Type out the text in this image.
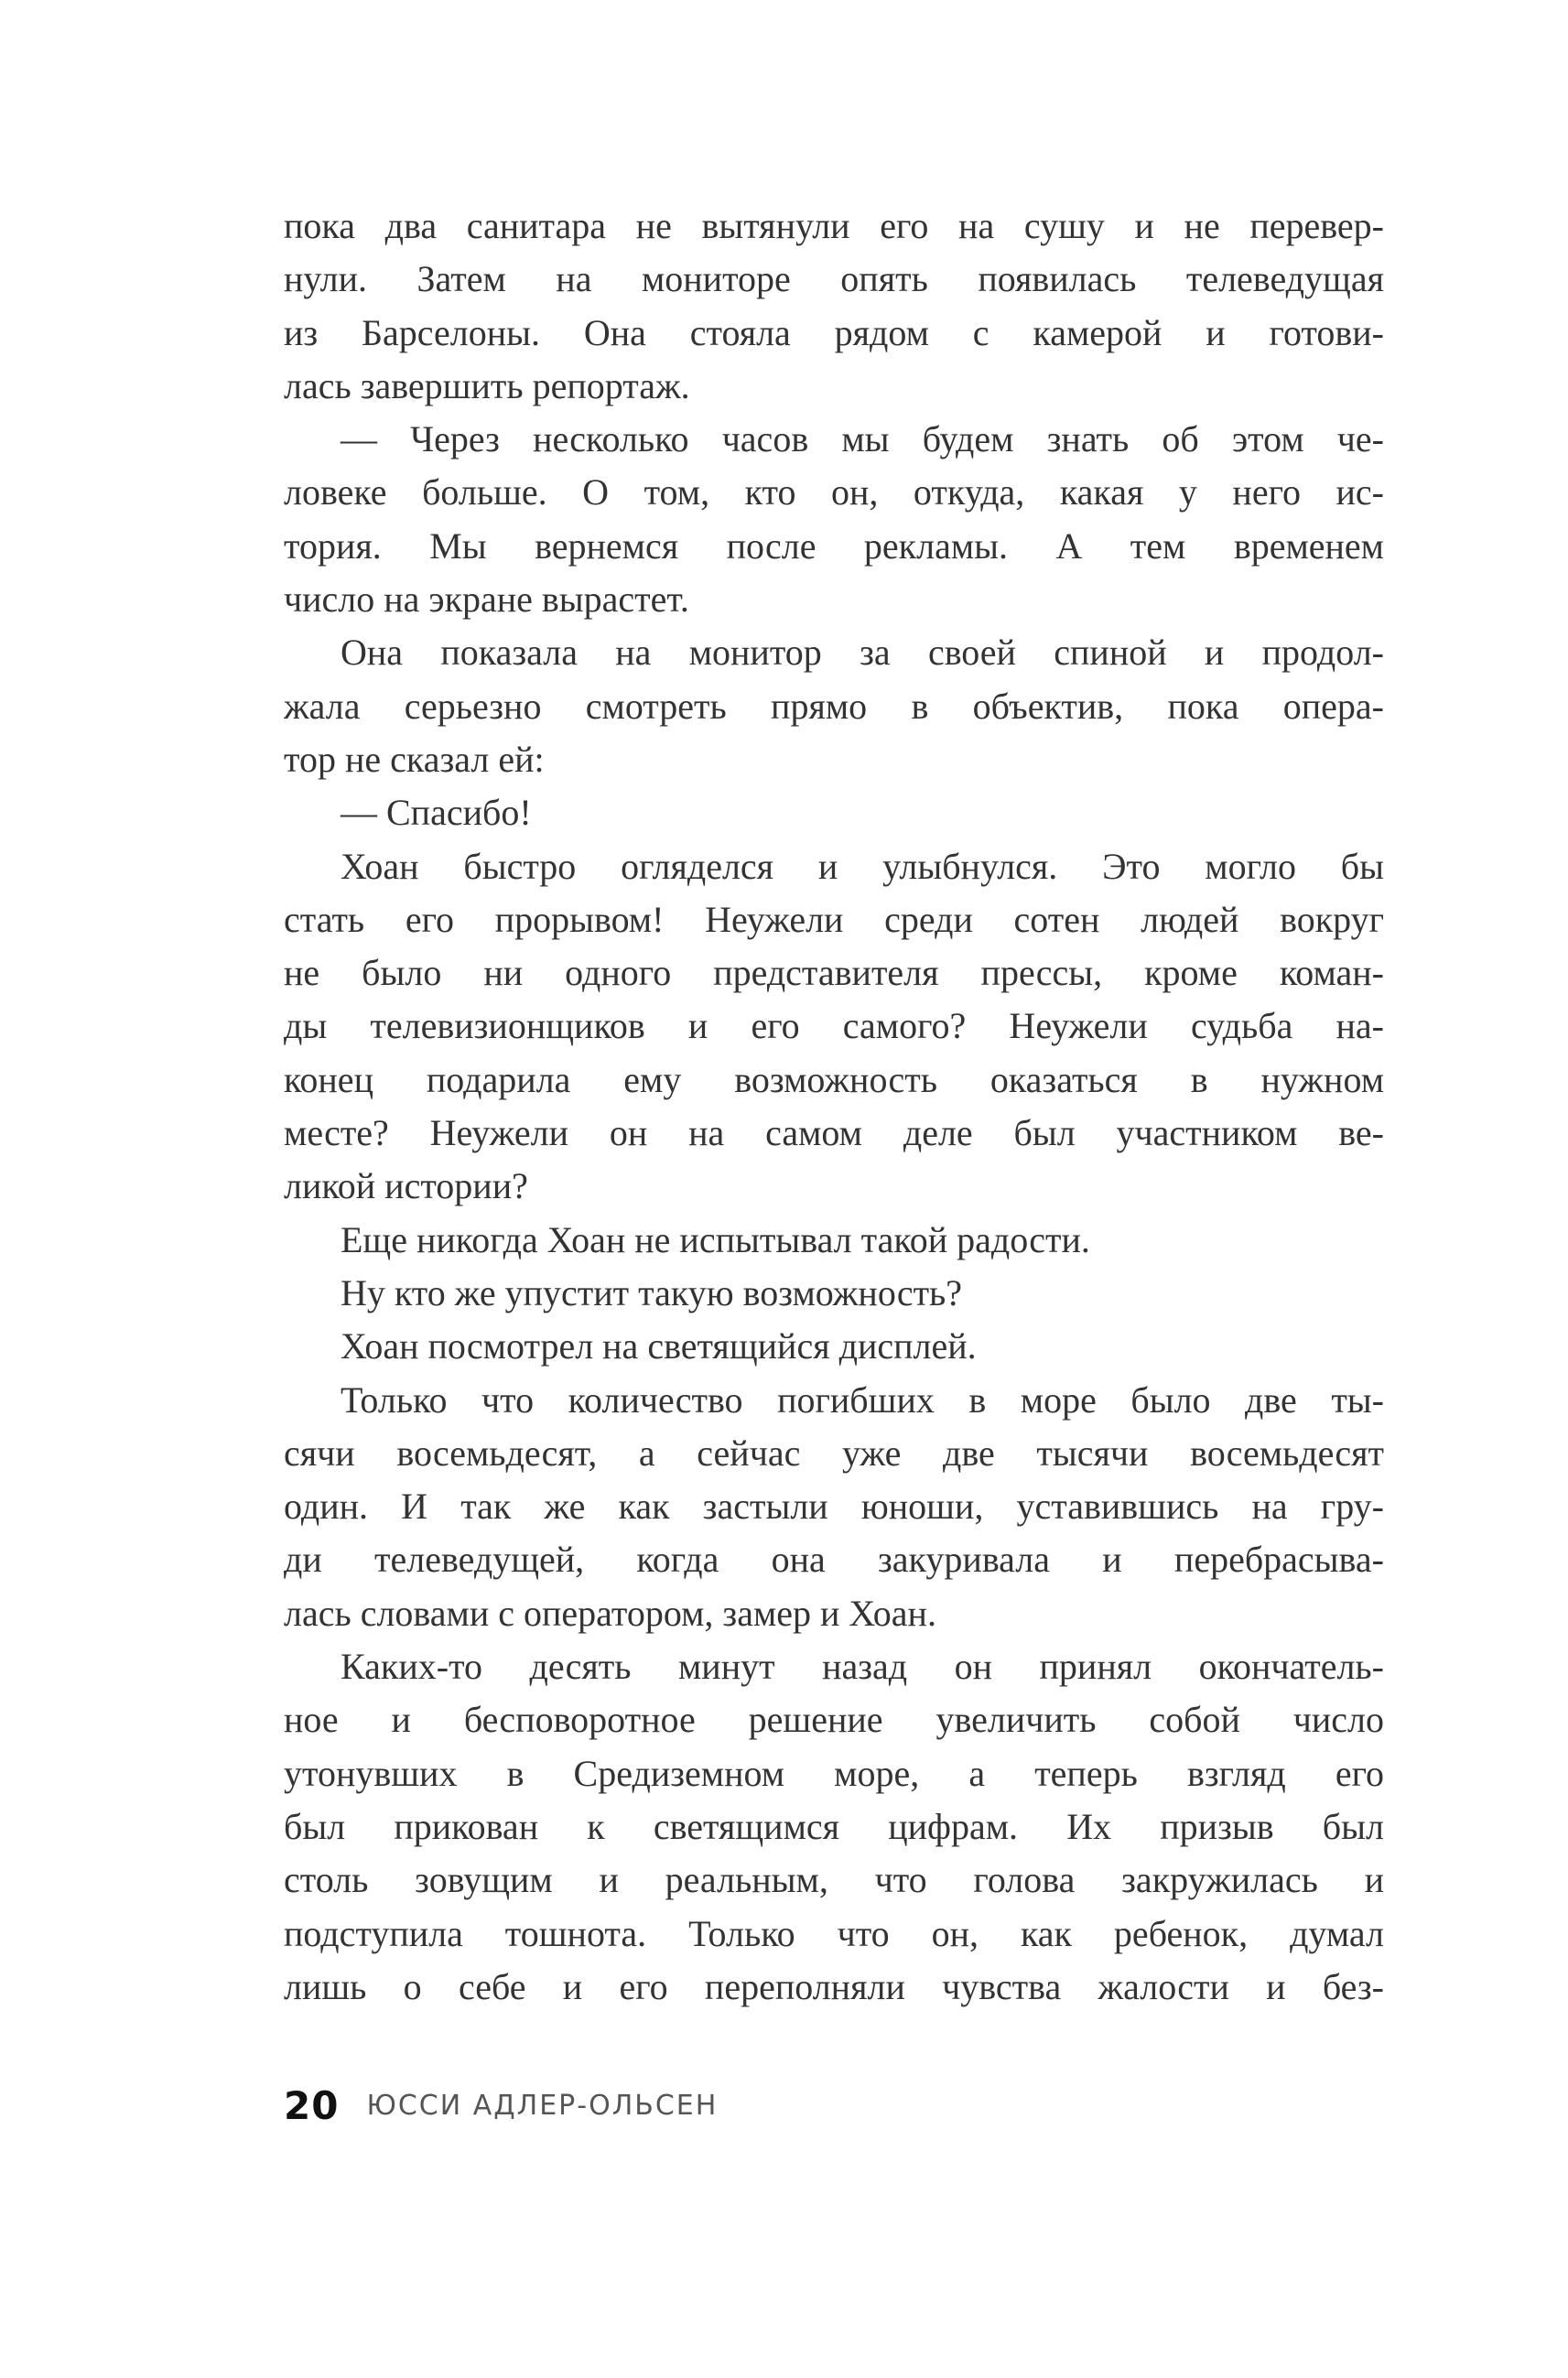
пока два санитара не вытянули его на сушу и не перевер-
нули. Затем на мониторе опять появилась телеведущая
из Барселоны. Она стояла рядом с камерой и готови-
лась завершить репортаж.
— Через несколько часов мы будем знать об этом че-
ловеке больше. О том, кто он, откуда, какая у него ис-
тория. Мы вернемся после рекламы. А тем временем
число на экране вырастет.
Она показала на монитор за своей спиной и продол-
жала серьезно смотреть прямо в объектив, пока опера-
тор не сказал ей:
— Спасибо!
Хоан быстро огляделся и улыбнулся. Это могло бы
стать его прорывом! Неужели среди сотен людей вокруг
не было ни одного представителя прессы, кроме коман-
ды телевизионщиков и его самого? Неужели судьба на-
конец подарила ему возможность оказаться в нужном
месте? Неужели он на самом деле был участником ве-
ликой истории?
Еще никогда Хоан не испытывал такой радости.
Ну кто же упустит такую возможность?
Хоан посмотрел на светящийся дисплей.
Только что количество погибших в море было две ты-
сячи восемьдесят, а сейчас уже две тысячи восемьдесят
один. И так же как застыли юноши, уставившись на гру-
ди телеведущей, когда она закуривала и перебрасыва-
лась словами с оператором, замер и Хоан.
Каких-то десять минут назад он принял окончатель-
ное и бесповоротное решение увеличить собой число
утонувших в Средиземном море, а теперь взгляд его
был прикован к светящимся цифрам. Их призыв был
столь зовущим и реальным, что голова закружилась и
подступила тошнота. Только что он, как ребенок, думал
лишь о себе и его переполняли чувства жалости и без-
20 ЮССИ АДЛЕР-ОЛЬСЕН
